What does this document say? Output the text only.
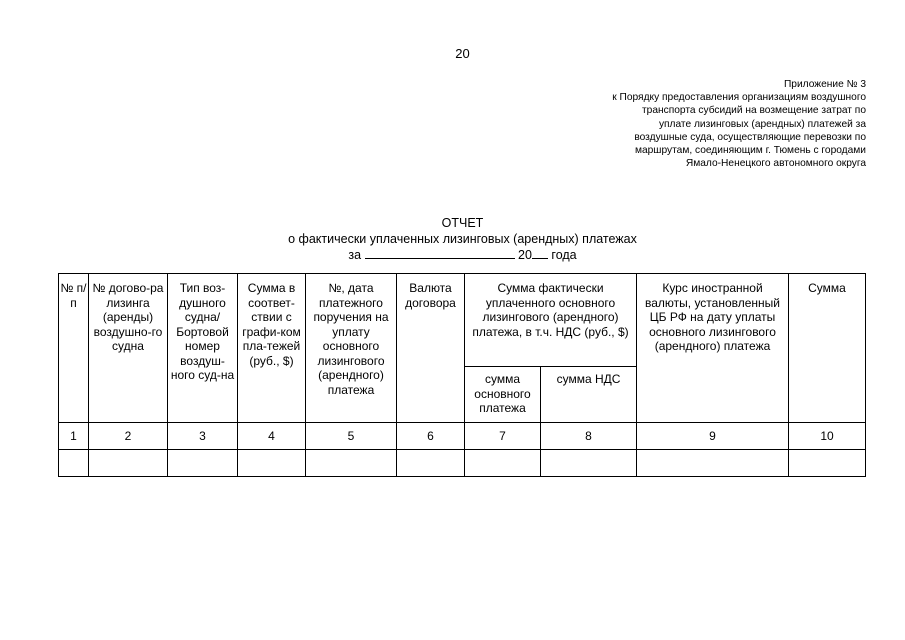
20
Приложение № 3
к Порядку предоставления организациям воздушного
транспорта субсидий на возмещение затрат по
уплате лизинговых (арендных) платежей за
воздушные суда, осуществляющие перевозки по
маршрутам, соединяющим г. Тюмень с городами
Ямало-Ненецкого автономного округа
ОТЧЕТ
о фактически уплаченных лизинговых (арендных) платежах
за	20 года
№ п/п	№ догово-ра лизинга (аренды) воздушно-го судна	Тип воз-душного судна/ Бортовой номер воздуш-ного суд-на	Сумма в соответ-ствии с графи-ком пла-тежей (руб., $)	№, дата платежного поручения на уплату основного лизингового (арендного) платежа	Валюта договора	Сумма фактически уплаченного основного лизингового (арендного) платежа, в т.ч. НДС (руб., $)		Курс иностранной валюты, установленный ЦБ РФ на дату уплаты основного лизингового (арендного) платежа	Сумма
						сумма основного платежа	сумма НДС		
1	2	3	4	5	6	7	8	9	10
